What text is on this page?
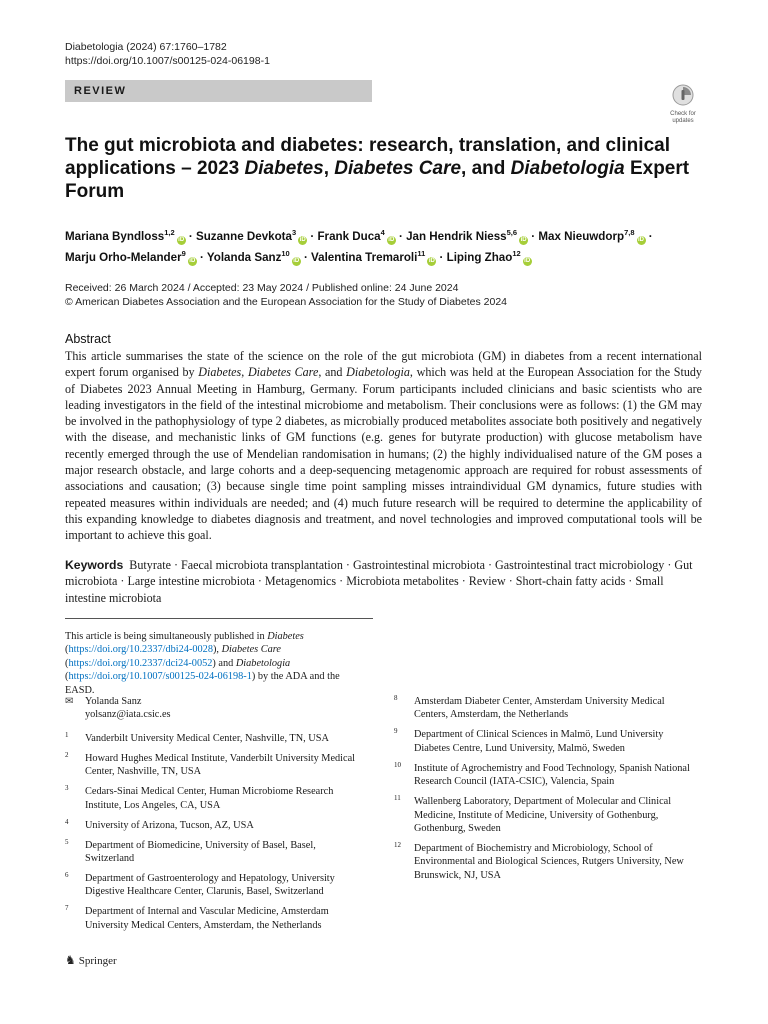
Diabetologia (2024) 67:1760–1782
https://doi.org/10.1007/s00125-024-06198-1
REVIEW
Check for
updates
The gut microbiota and diabetes: research, translation, and clinical applications – 2023 Diabetes, Diabetes Care, and Diabetologia Expert Forum
Mariana Byndloss$^{1,2}$iD · Suzanne Devkota$^3$iD · Frank Duca$^4$iD · Jan Hendrik Niess$^{5,6}$iD · Max Nieuwdorp$^{7,8}$iD ·
Marju Orho-Melander$^9$iD · Yolanda Sanz$^{10}$iD · Valentina Tremaroli$^{11}$iD · Liping Zhao$^{12}$iD
Received: 26 March 2024 / Accepted: 23 May 2024 / Published online: 24 June 2024
© American Diabetes Association and the European Association for the Study of Diabetes 2024
Abstract
This article summarises the state of the science on the role of the gut microbiota (GM) in diabetes from a recent international expert forum organised by Diabetes, Diabetes Care, and Diabetologia, which was held at the European Association for the Study of Diabetes 2023 Annual Meeting in Hamburg, Germany. Forum participants included clinicians and basic scientists who are leading investigators in the field of the intestinal microbiome and metabolism. Their conclusions were as follows: (1) the GM may be involved in the pathophysiology of type 2 diabetes, as microbially produced metabolites associate both positively and negatively with the disease, and mechanistic links of GM functions (e.g. genes for butyrate production) with glucose metabolism have recently emerged through the use of Mendelian randomisation in humans; (2) the highly individualised nature of the GM poses a major research obstacle, and large cohorts and a deep-sequencing metagenomic approach are required for robust assessments of associations and causation; (3) because single time point sampling misses intraindividual GM dynamics, future studies with repeated measures within individuals are needed; and (4) much future research will be required to determine the applicability of this expanding knowledge to diabetes diagnosis and treatment, and novel technologies and improved computational tools will be important to achieve this goal.
Keywords Butyrate · Faecal microbiota transplantation · Gastrointestinal microbiota · Gastrointestinal tract microbiology · Gut microbiota · Large intestine microbiota · Metagenomics · Microbiota metabolites · Review · Short-chain fatty acids · Small intestine microbiota
This article is being simultaneously published in Diabetes (https://doi.org/10.2337/dbi24-0028), Diabetes Care (https://doi.org/10.2337/dci24-0052) and Diabetologia (https://doi.org/10.1007/s00125-024-06198-1) by the ADA and the EASD.
✉ Yolanda Sanz
yolsanz@iata.csic.es
1 Vanderbilt University Medical Center, Nashville, TN, USA
2 Howard Hughes Medical Institute, Vanderbilt University Medical Center, Nashville, TN, USA
3 Cedars-Sinai Medical Center, Human Microbiome Research Institute, Los Angeles, CA, USA
4 University of Arizona, Tucson, AZ, USA
5 Department of Biomedicine, University of Basel, Basel, Switzerland
6 Department of Gastroenterology and Hepatology, University Digestive Healthcare Center, Clarunis, Basel, Switzerland
7 Department of Internal and Vascular Medicine, Amsterdam University Medical Centers, Amsterdam, the Netherlands
8 Amsterdam Diabeter Center, Amsterdam University Medical Centers, Amsterdam, the Netherlands
9 Department of Clinical Sciences in Malmö, Lund University Diabetes Centre, Lund University, Malmö, Sweden
10 Institute of Agrochemistry and Food Technology, Spanish National Research Council (IATA-CSIC), Valencia, Spain
11 Wallenberg Laboratory, Department of Molecular and Clinical Medicine, Institute of Medicine, University of Gothenburg, Gothenburg, Sweden
12 Department of Biochemistry and Microbiology, School of Environmental and Biological Sciences, Rutgers University, New Brunswick, NJ, USA
♞ Springer
